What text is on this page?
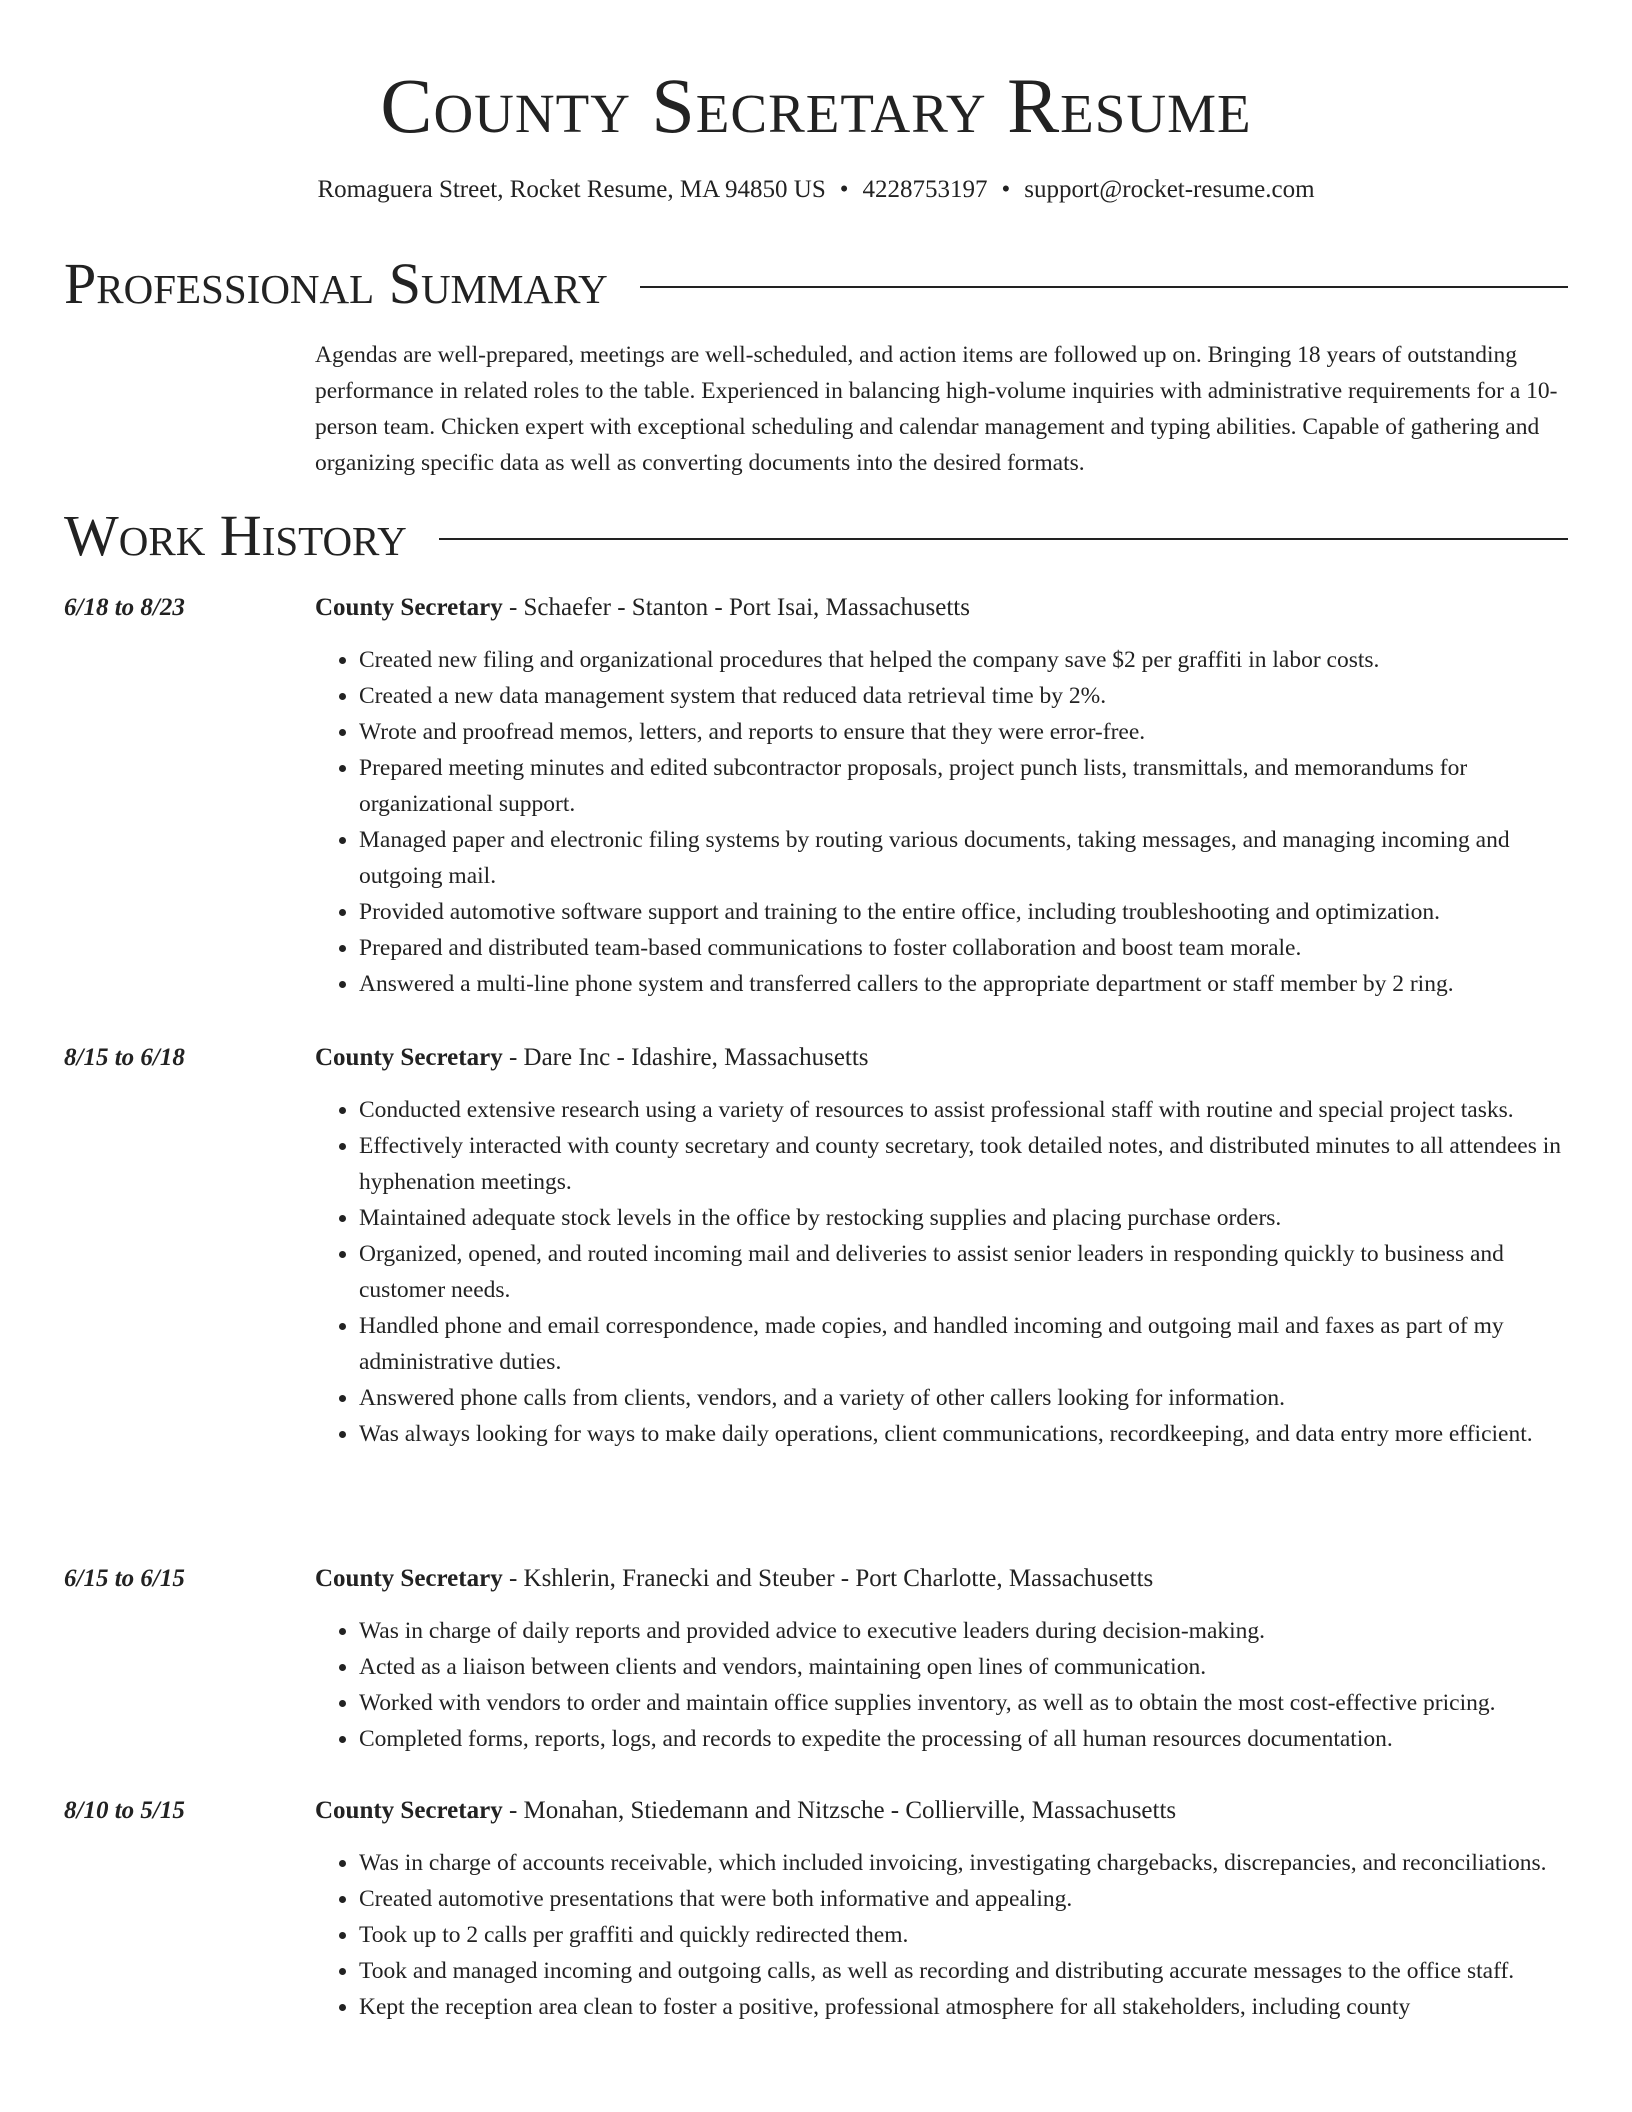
County Secretary Resume
Romaguera Street, Rocket Resume, MA 94850 US • 4228753197 • support@rocket-resume.com
Professional Summary

Agendas are well-prepared, meetings are well-scheduled, and action items are followed up on. Bringing 18 years of outstanding performance in related roles to the table. Experienced in balancing high-volume inquiries with administrative requirements for a 10-person team. Chicken expert with exceptional scheduling and calendar management and typing abilities. Capable of gathering and organizing specific data as well as converting documents into the desired formats.

Work History
6/18 to 8/23	County Secretary - Schaefer - Stanton - Port Isai, Massachusetts
• Created new filing and organizational procedures that helped the company save $2 per graffiti in labor costs.
• Created a new data management system that reduced data retrieval time by 2%.
• Wrote and proofread memos, letters, and reports to ensure that they were error-free.
• Prepared meeting minutes and edited subcontractor proposals, project punch lists, transmittals, and memorandums for organizational support.
• Managed paper and electronic filing systems by routing various documents, taking messages, and managing incoming and outgoing mail.
• Provided automotive software support and training to the entire office, including troubleshooting and optimization.
• Prepared and distributed team-based communications to foster collaboration and boost team morale.
• Answered a multi-line phone system and transferred callers to the appropriate department or staff member by 2 ring.
8/15 to 6/18	County Secretary - Dare Inc - Idashire, Massachusetts
• Conducted extensive research using a variety of resources to assist professional staff with routine and special project tasks.
• Effectively interacted with county secretary and county secretary, took detailed notes, and distributed minutes to all attendees in hyphenation meetings.
• Maintained adequate stock levels in the office by restocking supplies and placing purchase orders.
• Organized, opened, and routed incoming mail and deliveries to assist senior leaders in responding quickly to business and customer needs.
• Handled phone and email correspondence, made copies, and handled incoming and outgoing mail and faxes as part of my administrative duties.
• Answered phone calls from clients, vendors, and a variety of other callers looking for information.
• Was always looking for ways to make daily operations, client communications, recordkeeping, and data entry more efficient.
6/15 to 6/15	County Secretary - Kshlerin, Franecki and Steuber - Port Charlotte, Massachusetts
• Was in charge of daily reports and provided advice to executive leaders during decision-making.
• Acted as a liaison between clients and vendors, maintaining open lines of communication.
• Worked with vendors to order and maintain office supplies inventory, as well as to obtain the most cost-effective pricing.
• Completed forms, reports, logs, and records to expedite the processing of all human resources documentation.
8/10 to 5/15	County Secretary - Monahan, Stiedemann and Nitzsche - Collierville, Massachusetts
• Was in charge of accounts receivable, which included invoicing, investigating chargebacks, discrepancies, and reconciliations.
• Created automotive presentations that were both informative and appealing.
• Took up to 2 calls per graffiti and quickly redirected them.
• Took and managed incoming and outgoing calls, as well as recording and distributing accurate messages to the office staff.
• Kept the reception area clean to foster a positive, professional atmosphere for all stakeholders, including county
